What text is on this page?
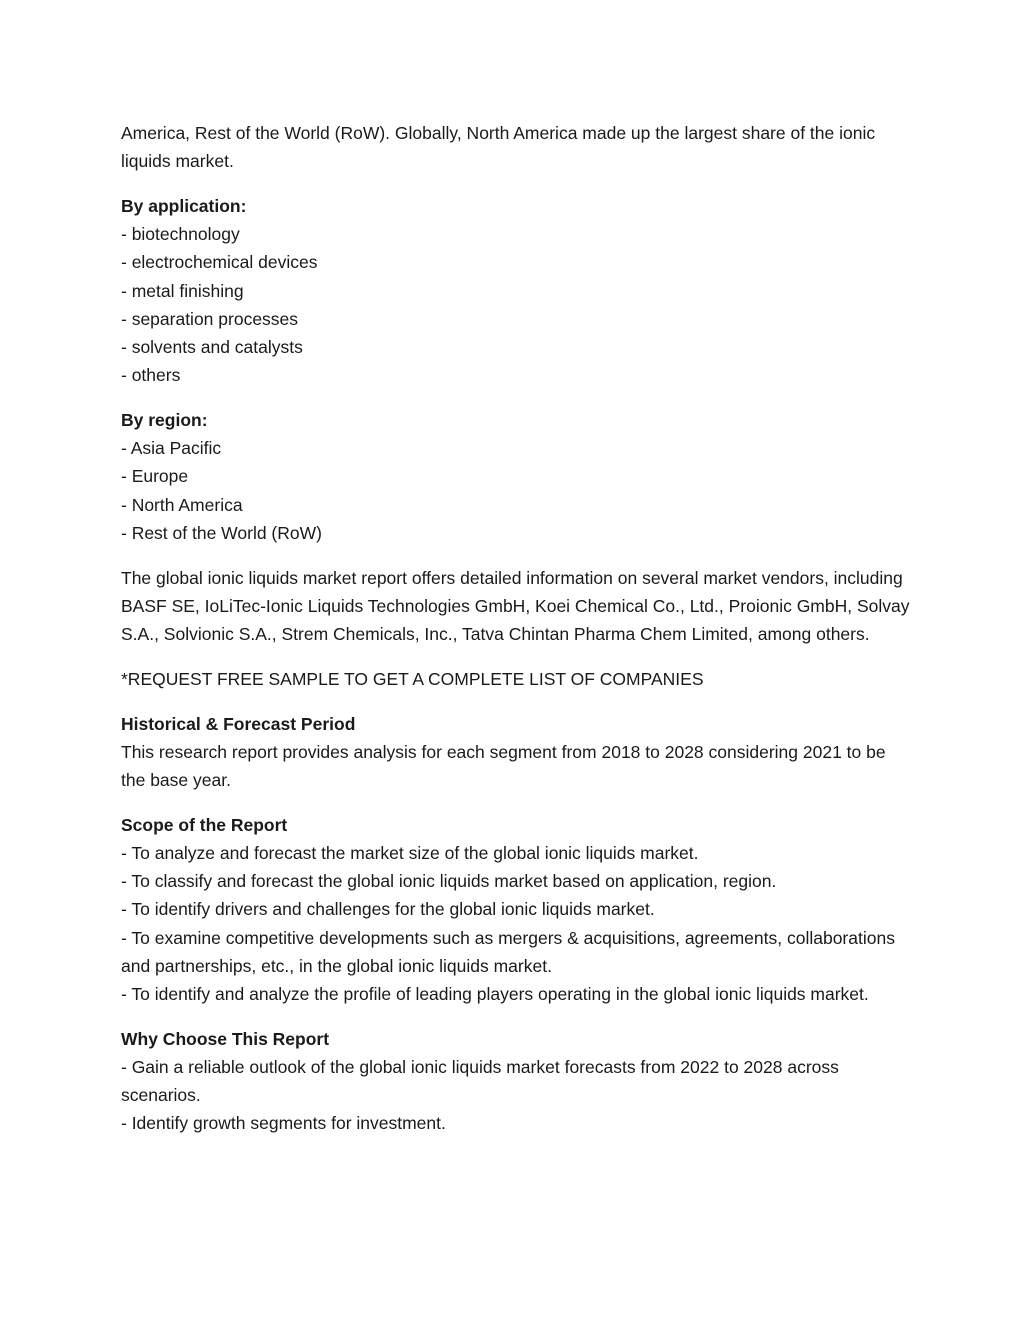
America, Rest of the World (RoW). Globally, North America made up the largest share of the ionic liquids market.

By application:
- biotechnology
- electrochemical devices
- metal finishing
- separation processes
- solvents and catalysts
- others
By region:
- Asia Pacific
- Europe
- North America
- Rest of the World (RoW)

The global ionic liquids market report offers detailed information on several market vendors, including BASF SE, IoLiTec-Ionic Liquids Technologies GmbH, Koei Chemical Co., Ltd., Proionic GmbH, Solvay S.A., Solvionic S.A., Strem Chemicals, Inc., Tatva Chintan Pharma Chem Limited, among others.

*REQUEST FREE SAMPLE TO GET A COMPLETE LIST OF COMPANIES

Historical & Forecast Period
This research report provides analysis for each segment from 2018 to 2028 considering 2021 to be the base year.
Scope of the Report
- To analyze and forecast the market size of the global ionic liquids market.
- To classify and forecast the global ionic liquids market based on application, region.
- To identify drivers and challenges for the global ionic liquids market.
- To examine competitive developments such as mergers & acquisitions, agreements, collaborations and partnerships, etc., in the global ionic liquids market.
- To identify and analyze the profile of leading players operating in the global ionic liquids market.
Why Choose This Report
- Gain a reliable outlook of the global ionic liquids market forecasts from 2022 to 2028 across scenarios.
- Identify growth segments for investment.
